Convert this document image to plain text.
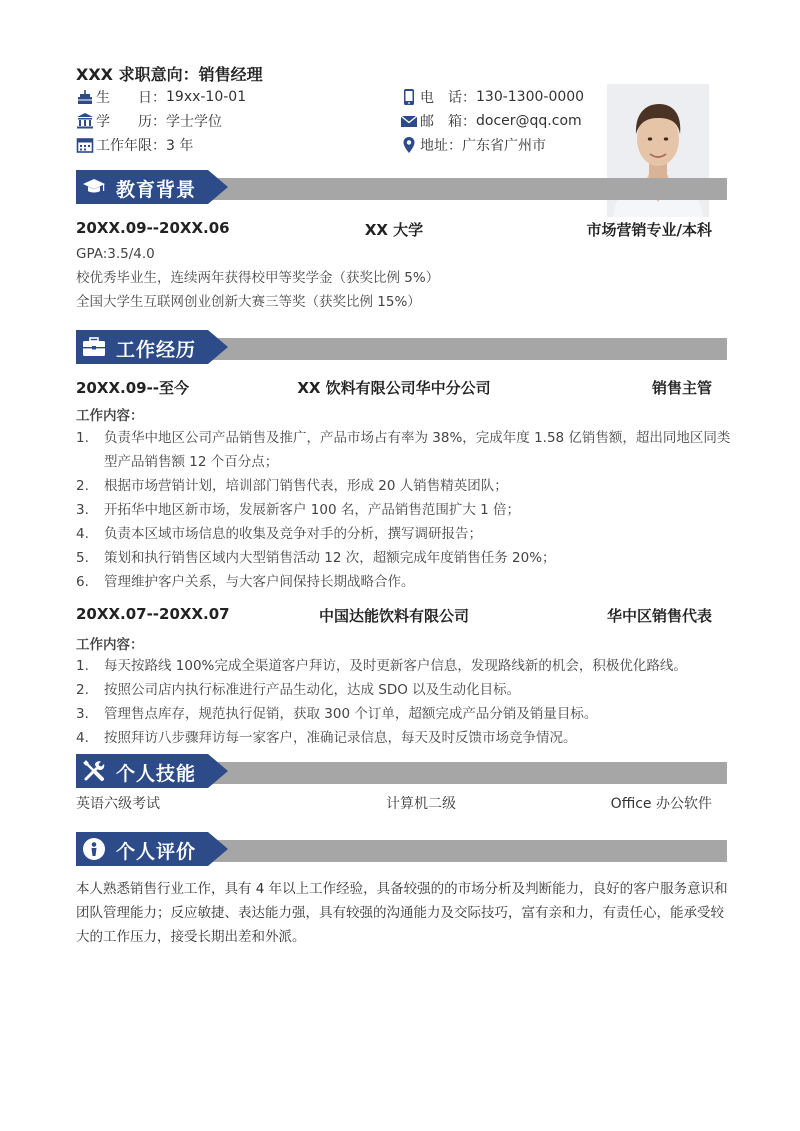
XXX 求职意向：销售经理
生　　日： 19xx-10-01
学　　历： 学士学位
工作年限： 3 年
电　话： 130-1300-0000
邮　箱： docer@qq.com
地址： 广东省广州市
教育背景
20XX.09--20XX.06	XX 大学	市场营销专业/本科
GPA:3.5/4.0
校优秀毕业生，连续两年获得校甲等奖学金（获奖比例 5%）
全国大学生互联网创业创新大赛三等奖（获奖比例 15%）
工作经历
20XX.09--至今	XX 饮料有限公司华中分公司	销售主管
工作内容：
1. 负责华中地区公司产品销售及推广，产品市场占有率为 38%，完成年度 1.58 亿销售额，超出同地区同类型产品销售额 12 个百分点；
2. 根据市场营销计划，培训部门销售代表，形成 20 人销售精英团队；
3. 开拓华中地区新市场，发展新客户 100 名，产品销售范围扩大 1 倍；
4. 负责本区域市场信息的收集及竞争对手的分析，撰写调研报告；
5. 策划和执行销售区域内大型销售活动 12 次，超额完成年度销售任务 20%；
6. 管理维护客户关系，与大客户间保持长期战略合作。
20XX.07--20XX.07	中国达能饮料有限公司	华中区销售代表
工作内容：
1. 每天按路线 100%完成全渠道客户拜访，及时更新客户信息，发现路线新的机会，积极优化路线。
2. 按照公司店内执行标准进行产品生动化，达成 SDO 以及生动化目标。
3. 管理售点库存，规范执行促销，获取 300 个订单，超额完成产品分销及销量目标。
4. 按照拜访八步骤拜访每一家客户，准确记录信息，每天及时反馈市场竞争情况。
个人技能
英语六级考试	计算机二级	Office 办公软件
个人评价
本人熟悉销售行业工作，具有 4 年以上工作经验，具备较强的的市场分析及判断能力，良好的客户服务意识和团队管理能力；反应敏捷、表达能力强，具有较强的沟通能力及交际技巧，富有亲和力，有责任心，能承受较大的工作压力，接受长期出差和外派。
